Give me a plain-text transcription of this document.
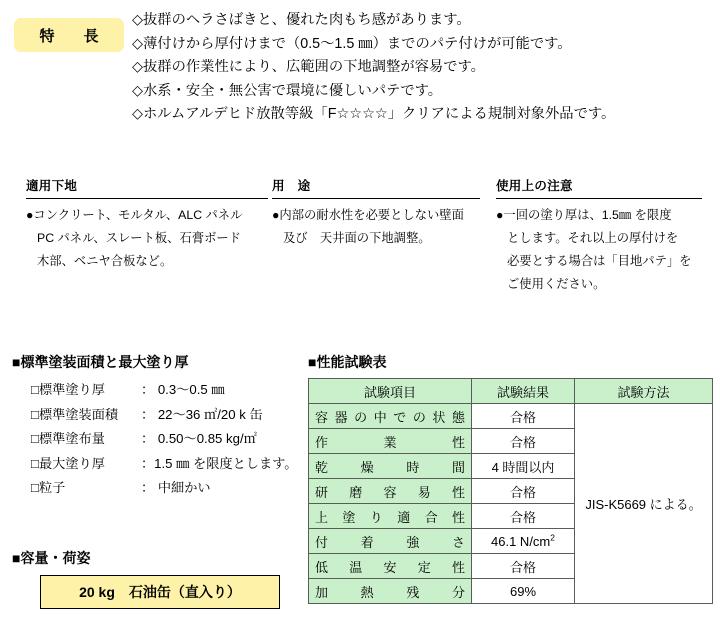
特　長
◇抜群のヘラさばきと、優れた肉もち感があります。
◇薄付けから厚付けまで（0.5～1.5 ㎜）までのパテ付けが可能です。
◇抜群の作業性により、広範囲の下地調整が容易です。
◇水系・安全・無公害で環境に優しいパテです。
◇ホルムアルデヒド放散等級「F☆☆☆☆」クリアによる規制対象外品です。
適用下地
●コンクリート、モルタル、ALC パネル
PC パネル、スレート板、石膏ボード
木部、ベニヤ合板など。
用　途
●内部の耐水性を必要としない壁面
及び　天井面の下地調整。
使用上の注意
●一回の塗り厚は、1.5㎜ を限度
とします。それ以上の厚付けを
必要とする場合は「目地パテ」を
ご使用ください。
■標準塗装面積と最大塗り厚
□標準塗り厚	： 0.3～0.5 ㎜
□標準塗装面積	： 22～36 ㎡/20 k 缶
□標準塗布量	： 0.50～0.85 kg/㎡
□最大塗り厚	：1.5 ㎜ を限度とします。
□粒子	： 中細かい
■容量・荷姿
20 kg　石油缶（直入り）
■性能試験表
試験項目	試験結果	試験方法
容器の中での状態	合格	JIS-K5669 による。
作業性	合格	
乾燥時間	4 時間以内	
研磨容易性	合格	
上塗り適合性	合格	
付着強さ	46.1 $N/cm^2$
低温安定性	合格	
加熱残分	69%	
